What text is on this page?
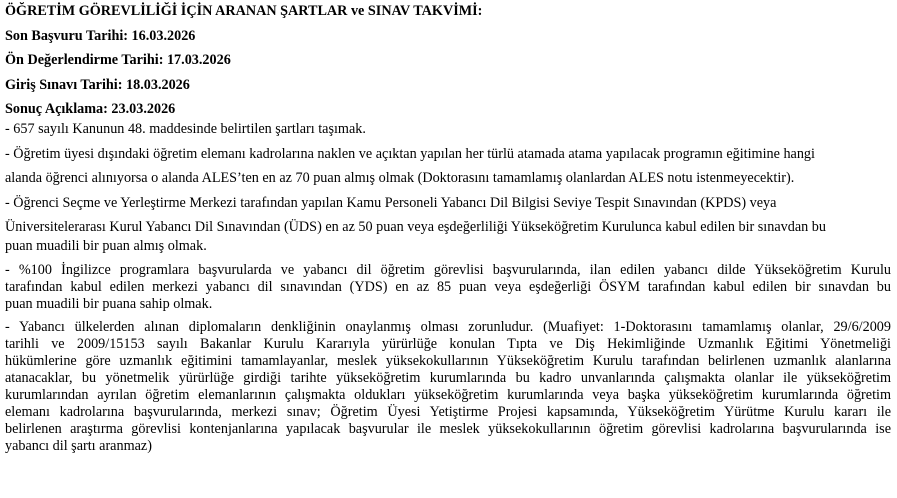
ÖĞRETİM GÖREVLİLİĞİ İÇİN ARANAN ŞARTLAR ve SINAV TAKVİMİ:
Son Başvuru Tarihi: 16.03.2026
Ön Değerlendirme Tarihi: 17.03.2026
Giriş Sınavı Tarihi: 18.03.2026
Sonuç Açıklama: 23.03.2026
- 657 sayılı Kanunun 48. maddesinde belirtilen şartları taşımak.
- Öğretim üyesi dışındaki öğretim elemanı kadrolarına naklen ve açıktan yapılan her türlü atamada atama yapılacak programın eğitimine hangi
alanda öğrenci alınıyorsa o alanda ALES’ten en az 70 puan almış olmak (Doktorasını tamamlamış olanlardan ALES notu istenmeyecektir).
- Öğrenci Seçme ve Yerleştirme Merkezi tarafından yapılan Kamu Personeli Yabancı Dil Bilgisi Seviye Tespit Sınavından (KPDS) veya
Üniversitelerarası Kurul Yabancı Dil Sınavından (ÜDS) en az 50 puan veya eşdeğerliliği Yükseköğretim Kurulunca kabul edilen bir sınavdan bu
puan muadili bir puan almış olmak.
- %100 İngilizce programlara başvurularda ve yabancı dil öğretim görevlisi başvurularında, ilan edilen yabancı dilde Yükseköğretim Kurulu
tarafından kabul edilen merkezi yabancı dil sınavından (YDS) en az 85 puan veya eşdeğerliği ÖSYM tarafından kabul edilen bir sınavdan bu
puan muadili bir puana sahip olmak.
- Yabancı ülkelerden alınan diplomaların denkliğinin onaylanmış olması zorunludur. (Muafiyet: 1-Doktorasını tamamlamış olanlar, 29/6/2009
tarihli ve 2009/15153 sayılı Bakanlar Kurulu Kararıyla yürürlüğe konulan Tıpta ve Diş Hekimliğinde Uzmanlık Eğitimi Yönetmeliği
hükümlerine göre uzmanlık eğitimini tamamlayanlar, meslek yüksekokullarının Yükseköğretim Kurulu tarafından belirlenen uzmanlık alanlarına
atanacaklar, bu yönetmelik yürürlüğe girdiği tarihte yükseköğretim kurumlarında bu kadro unvanlarında çalışmakta olanlar ile yükseköğretim
kurumlarından ayrılan öğretim elemanlarının çalışmakta oldukları yükseköğretim kurumlarında veya başka yükseköğretim kurumlarında öğretim
elemanı kadrolarına başvurularında, merkezi sınav; Öğretim Üyesi Yetiştirme Projesi kapsamında, Yükseköğretim Yürütme Kurulu kararı ile
belirlenen araştırma görevlisi kontenjanlarına yapılacak başvurular ile meslek yüksekokullarının öğretim görevlisi kadrolarına başvurularında ise
yabancı dil şartı aranmaz)
